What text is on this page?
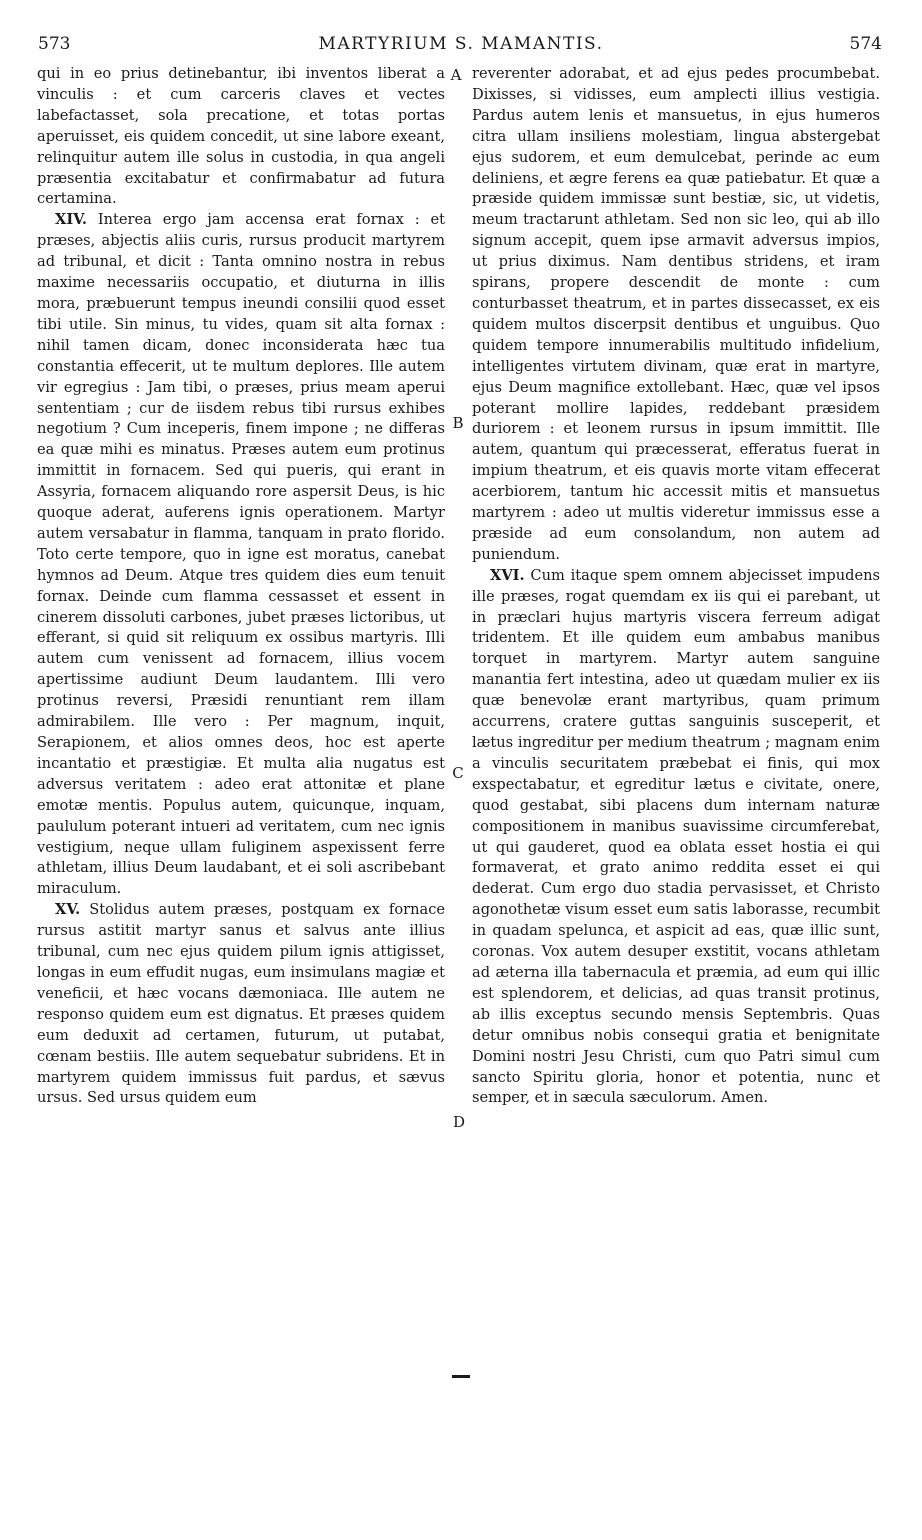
573	MARTYRIUM S. MAMANTIS.	574

qui in eo prius detinebantur, ibi inventos liberat a vinculis : et cum carceris claves et vectes labefactasset, sola precatione, et totas portas aperuisset, eis quidem concedit, ut sine labore exeant, relinquitur autem ille solus in custodia, in qua angeli præsentia excitabatur et confirmabatur ad futura certamina.

XIV. Interea ergo jam accensa erat fornax : et præses, abjectis aliis curis, rursus producit martyrem ad tribunal, et dicit : Tanta omnino nostra in rebus maxime necessariis occupatio, et diuturna in illis mora, præbuerunt tempus ineundi consilii quod esset tibi utile. Sin minus, tu vides, quam sit alta fornax : nihil tamen dicam, donec inconsiderata hæc tua constantia effecerit, ut te multum deplores. Ille autem vir egregius : Jam tibi, o præses, prius meam aperui sententiam ; cur de iisdem rebus tibi rursus exhibes negotium ? Cum inceperis, finem impone ; ne differas ea quæ mihi es minatus. Præses autem eum protinus immittit in fornacem. Sed qui pueris, qui erant in Assyria, fornacem aliquando rore aspersit Deus, is hic quoque aderat, auferens ignis operationem. Martyr autem versabatur in flamma, tanquam in prato florido. Toto certe tempore, quo in igne est moratus, canebat hymnos ad Deum. Atque tres quidem dies eum tenuit fornax. Deinde cum flamma cessasset et essent in cinerem dissoluti carbones, jubet præses lictoribus, ut efferant, si quid sit reliquum ex ossibus martyris. Illi autem cum venissent ad fornacem, illius vocem apertissime audiunt Deum laudantem. Illi vero protinus reversi, Præsidi renuntiant rem illam admirabilem. Ille vero : Per magnum, inquit, Serapionem, et alios omnes deos, hoc est aperte incantatio et præstigiæ. Et multa alia nugatus est adversus veritatem : adeo erat attonitæ et plane emotæ mentis. Populus autem, quicunque, inquam, paululum poterant intueri ad veritatem, cum nec ignis vestigium, neque ullam fuliginem aspexissent ferre athletam, illius Deum laudabant, et ei soli ascribebant miraculum.

XV. Stolidus autem præses, postquam ex fornace rursus astitit martyr sanus et salvus ante illius tribunal, cum nec ejus quidem pilum ignis attigisset, longas in eum effudit nugas, eum insimulans magiæ et veneficii, et hæc vocans dæmoniaca. Ille autem ne responso quidem eum est dignatus. Et præses quidem eum deduxit ad certamen, futurum, ut putabat, cœnam bestiis. Ille autem sequebatur subridens. Et in martyrem quidem immissus fuit pardus, et sævus ursus. Sed ursus quidem eum

A
B
C
D

reverenter adorabat, et ad ejus pedes procumbebat. Dixisses, si vidisses, eum amplecti illius vestigia. Pardus autem lenis et mansuetus, in ejus humeros citra ullam insiliens molestiam, lingua abstergebat ejus sudorem, et eum demulcebat, perinde ac eum deliniens, et ægre ferens ea quæ patiebatur. Et quæ a præside quidem immissæ sunt bestiæ, sic, ut videtis, meum tractarunt athletam. Sed non sic leo, qui ab illo signum accepit, quem ipse armavit adversus impios, ut prius diximus. Nam dentibus stridens, et iram spirans, propere descendit de monte : cum conturbasset theatrum, et in partes dissecasset, ex eis quidem multos discerpsit dentibus et unguibus. Quo quidem tempore innumerabilis multitudo infidelium, intelligentes virtutem divinam, quæ erat in martyre, ejus Deum magnifice extollebant. Hæc, quæ vel ipsos poterant mollire lapides, reddebant præsidem duriorem : et leonem rursus in ipsum immittit. Ille autem, quantum qui præcesserat, efferatus fuerat in impium theatrum, et eis quavis morte vitam effecerat acerbiorem, tantum hic accessit mitis et mansuetus martyrem : adeo ut multis videretur immissus esse a præside ad eum consolandum, non autem ad puniendum.

XVI. Cum itaque spem omnem abjecisset impudens ille præses, rogat quemdam ex iis qui ei parebant, ut in præclari hujus martyris viscera ferreum adigat tridentem. Et ille quidem eum ambabus manibus torquet in martyrem. Martyr autem sanguine manantia fert intestina, adeo ut quædam mulier ex iis quæ benevolæ erant martyribus, quam primum accurrens, cratere guttas sanguinis susceperit, et lætus ingreditur per medium theatrum ; magnam enim a vinculis securitatem præbebat ei finis, qui mox exspectabatur, et egreditur lætus e civitate, onere, quod gestabat, sibi placens dum internam naturæ compositionem in manibus suavissime circumferebat, ut qui gauderet, quod ea oblata esset hostia ei qui formaverat, et grato animo reddita esset ei qui dederat. Cum ergo duo stadia pervasisset, et Christo agonothetæ visum esset eum satis laborasse, recumbit in quadam spelunca, et aspicit ad eas, quæ illic sunt, coronas. Vox autem desuper exstitit, vocans athletam ad æterna illa tabernacula et præmia, ad eum qui illic est splendorem, et delicias, ad quas transit protinus, ab illis exceptus secundo mensis Septembris. Quas detur omnibus nobis consequi gratia et benignitate Domini nostri Jesu Christi, cum quo Patri simul cum sancto Spiritu gloria, honor et potentia, nunc et semper, et in sæcula sæculorum. Amen.
